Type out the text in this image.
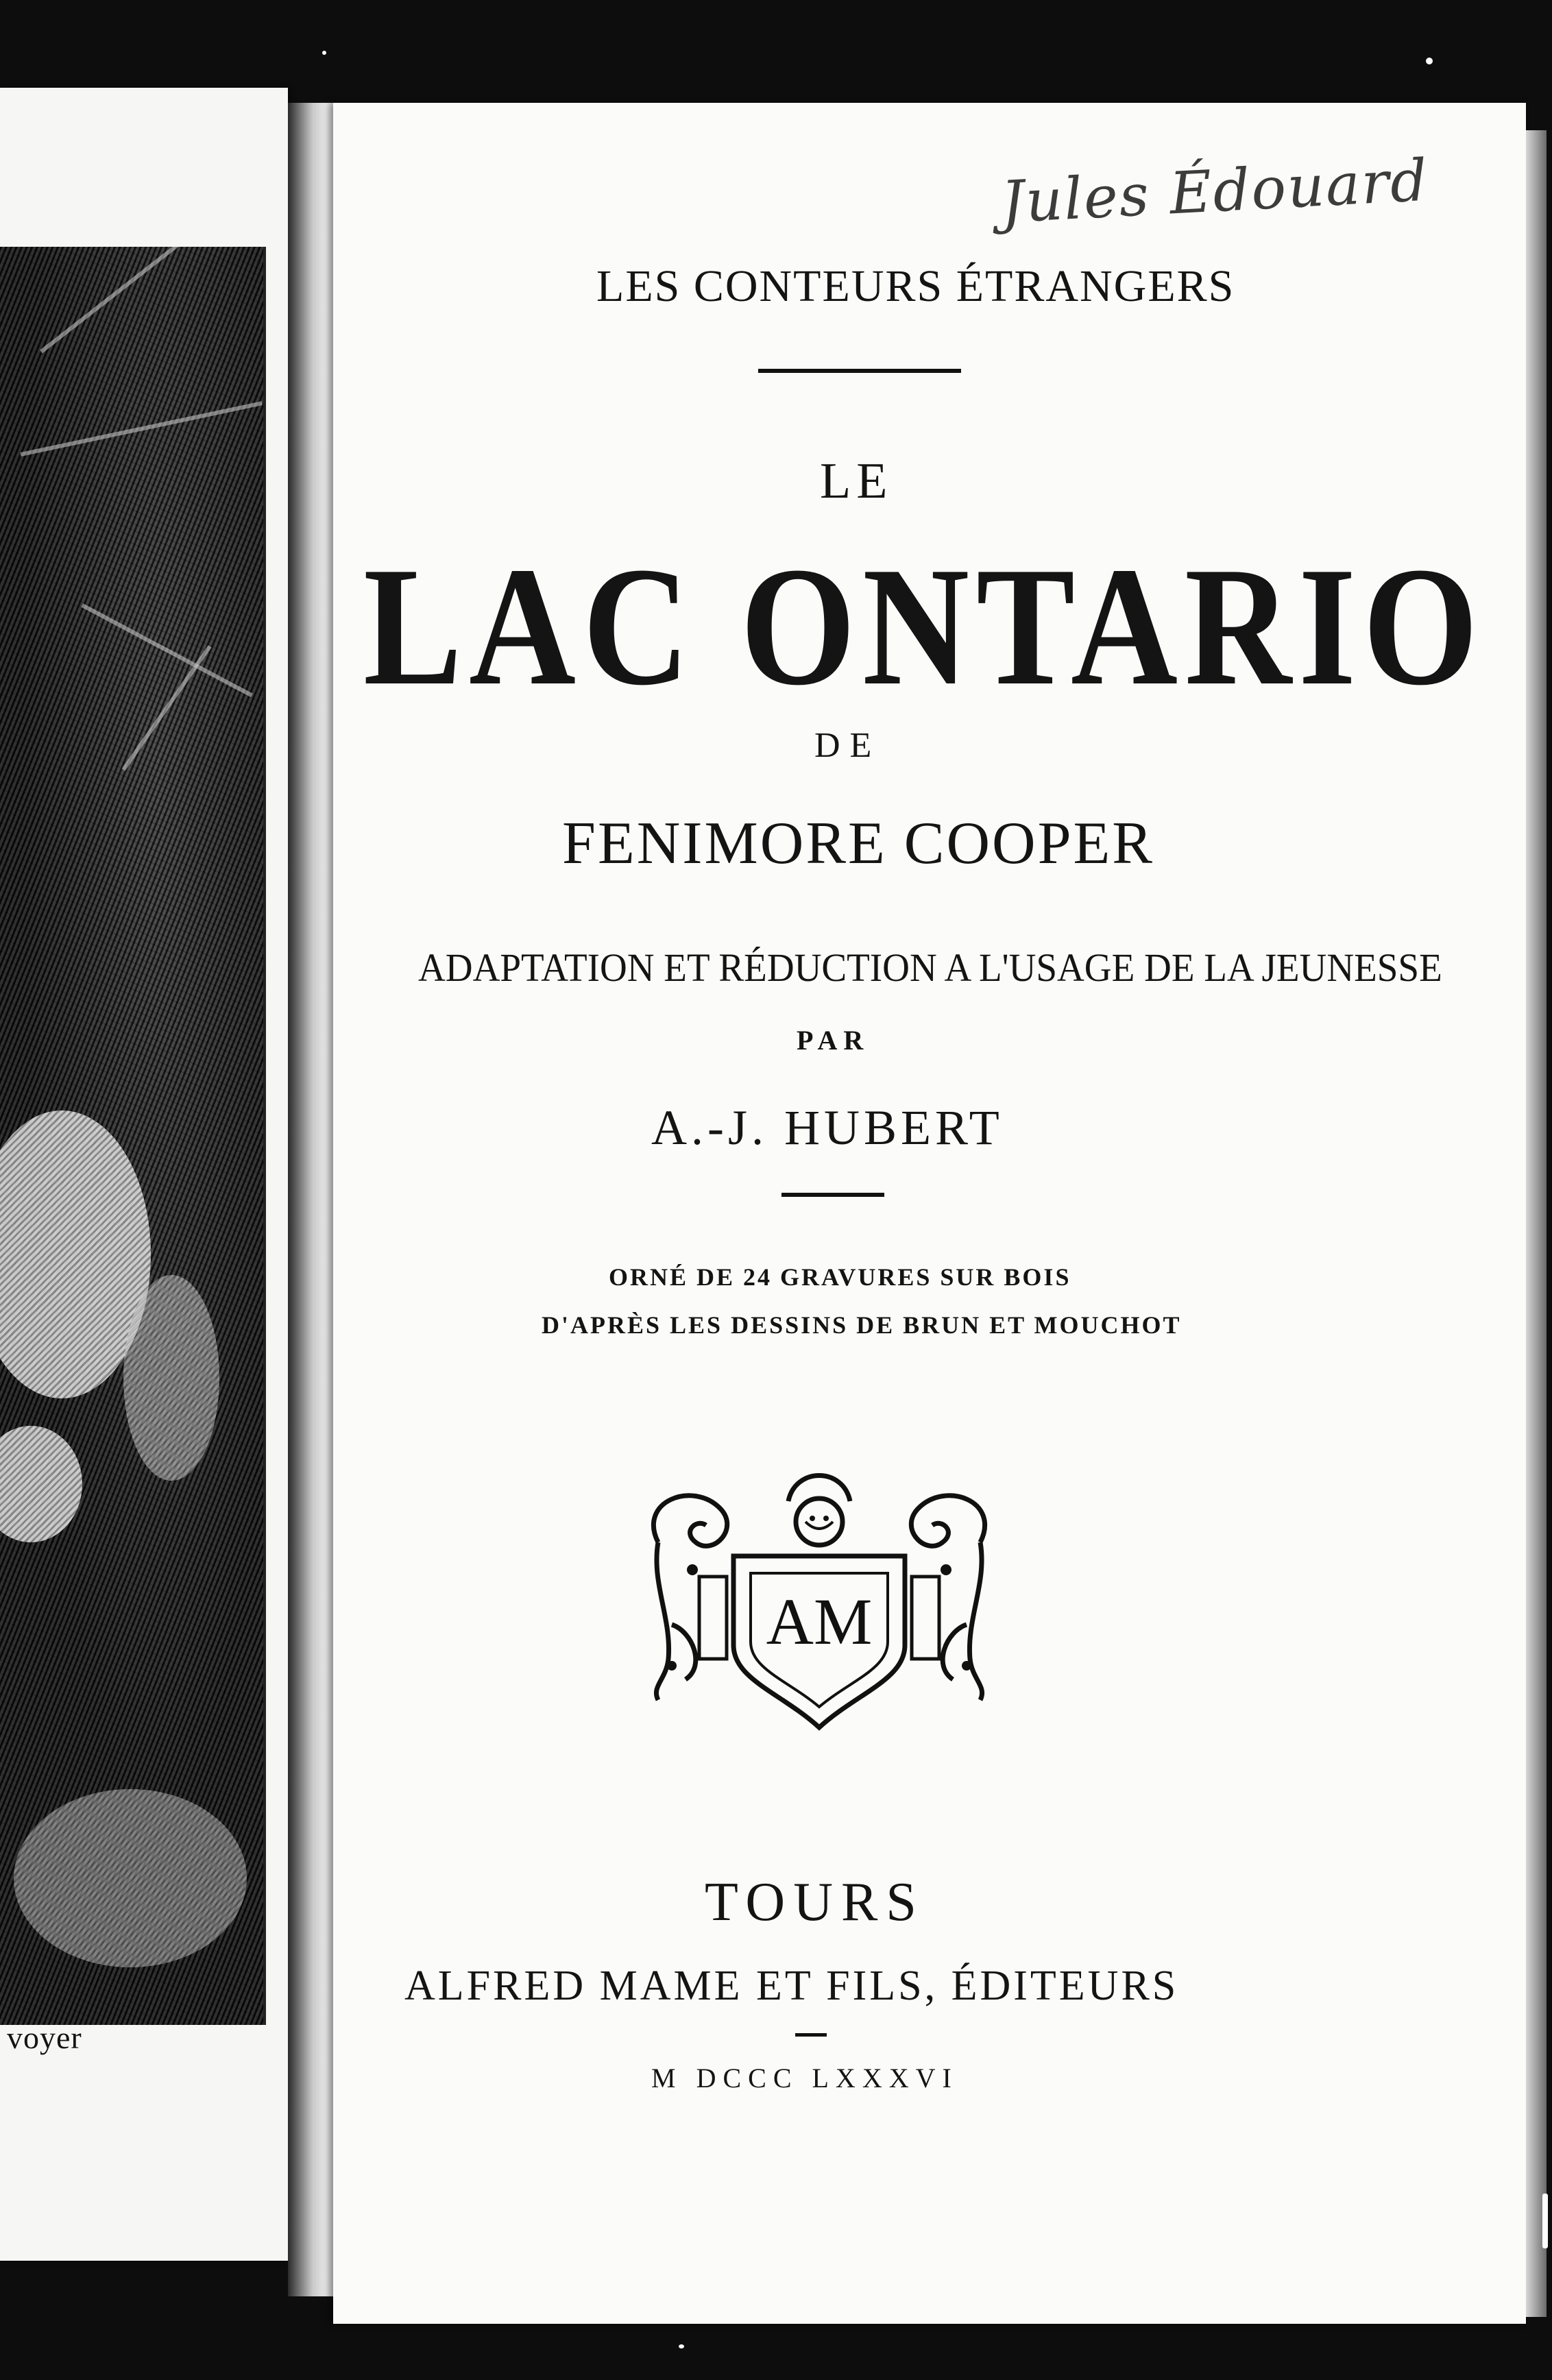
voyer
Jules Édouard
LES CONTEURS ÉTRANGERS
LE
LAC ONTARIO
DE
FENIMORE COOPER
ADAPTATION ET RÉDUCTION A L'USAGE DE LA JEUNESSE
PAR
A.-J. HUBERT
ORNÉ DE 24 GRAVURES SUR BOIS
D'APRÈS LES DESSINS DE BRUN ET MOUCHOT
AM
TOURS
ALFRED MAME ET FILS, ÉDITEURS
M DCCC LXXXVI
